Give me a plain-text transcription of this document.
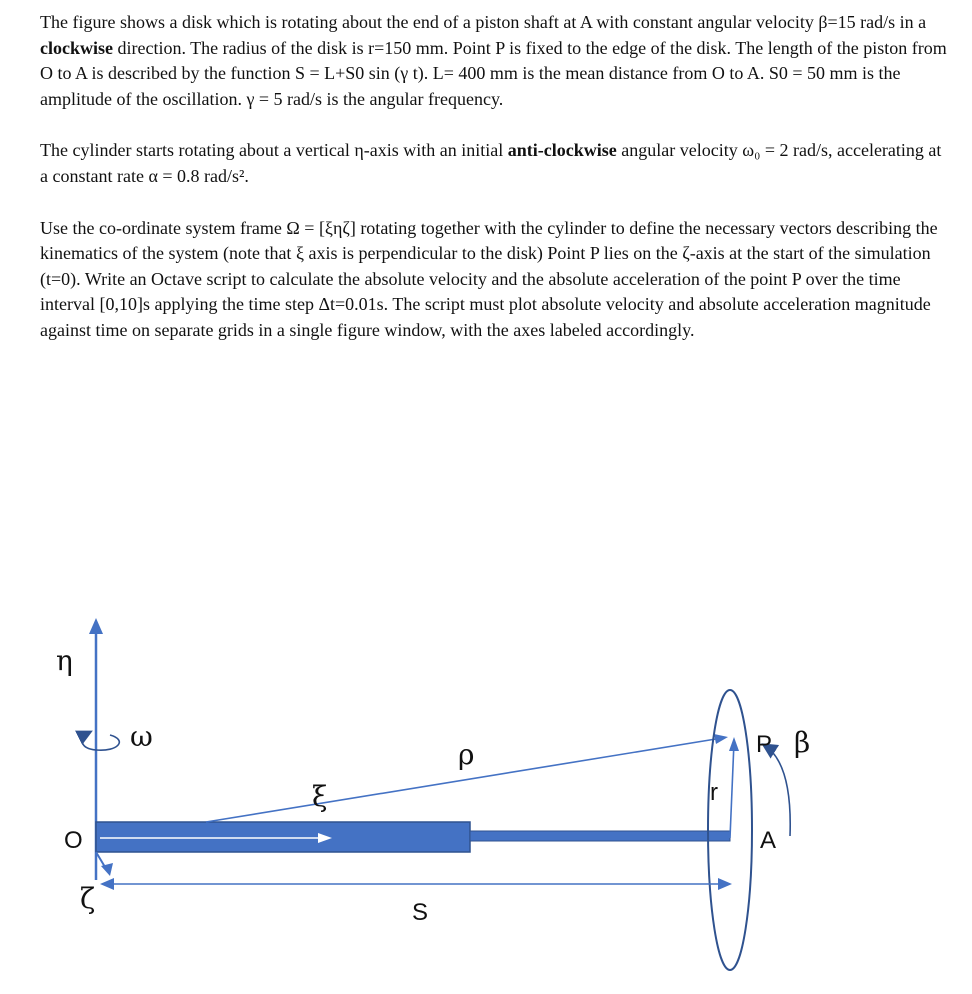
The figure shows a disk which is rotating about the end of a piston shaft at A with constant angular velocity β=15 rad/s in a clockwise direction. The radius of the disk is r=150 mm. Point P is fixed to the edge of the disk. The length of the piston from O to A is described by the function S = L+S0 sin (γ t). L= 400 mm is the mean distance from O to A. S0 = 50 mm is the amplitude of the oscillation. γ = 5 rad/s is the angular frequency.

The cylinder starts rotating about a vertical η-axis with an initial anti-clockwise angular velocity ω₀ = 2 rad/s, accelerating at a constant rate α = 0.8 rad/s².

Use the co-ordinate system frame Ω = [ξηζ] rotating together with the cylinder to define the necessary vectors describing the kinematics of the system (note that ξ axis is perpendicular to the disk) Point P lies on the ζ-axis at the start of the simulation (t=0). Write an Octave script to calculate the absolute velocity and the absolute acceleration of the point P over the time interval [0,10]s applying the time step Δt=0.01s. The script must plot absolute velocity and absolute acceleration magnitude against time on separate grids in a single figure window, with the axes labeled accordingly.

η
ω
O
ζ
ξ
ρ
r
P β
A
S
